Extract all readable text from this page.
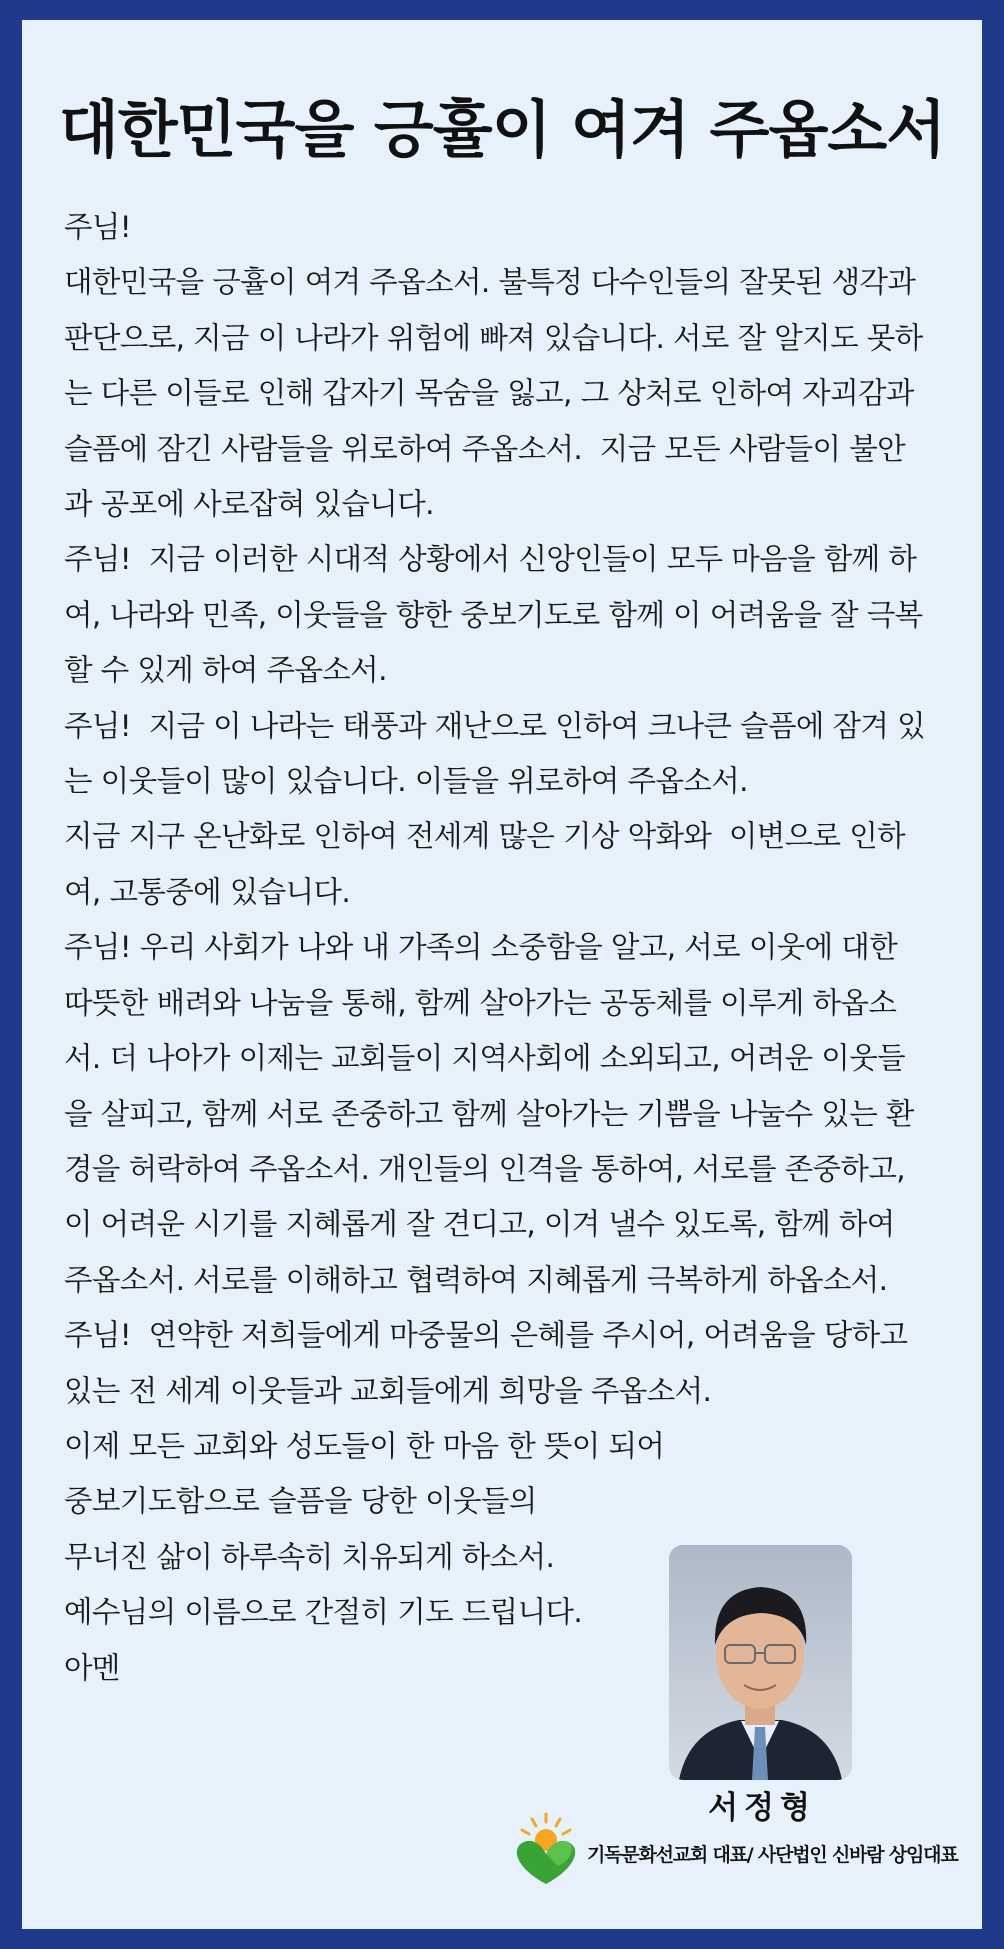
대한민국을 긍휼이 여겨 주옵소서
주님!
대한민국을 긍휼이 여겨 주옵소서. 불특정 다수인들의 잘못된 생각과
판단으로, 지금 이 나라가 위험에 빠져 있습니다. 서로 잘 알지도 못하
는 다른 이들로 인해 갑자기 목숨을 잃고, 그 상처로 인하여 자괴감과
슬픔에 잠긴 사람들을 위로하여 주옵소서.  지금 모든 사람들이 불안
과 공포에 사로잡혀 있습니다.
주님!  지금 이러한 시대적 상황에서 신앙인들이 모두 마음을 함께 하
여, 나라와 민족, 이웃들을 향한 중보기도로 함께 이 어려움을 잘 극복
할 수 있게 하여 주옵소서.
주님!  지금 이 나라는 태풍과 재난으로 인하여 크나큰 슬픔에 잠겨 있
는 이웃들이 많이 있습니다. 이들을 위로하여 주옵소서.
지금 지구 온난화로 인하여 전세계 많은 기상 악화와  이변으로 인하
여, 고통중에 있습니다.
주님! 우리 사회가 나와 내 가족의 소중함을 알고, 서로 이웃에 대한
따뜻한 배려와 나눔을 통해, 함께 살아가는 공동체를 이루게 하옵소
서. 더 나아가 이제는 교회들이 지역사회에 소외되고, 어려운 이웃들
을 살피고, 함께 서로 존중하고 함께 살아가는 기쁨을 나눌수 있는 환
경을 허락하여 주옵소서. 개인들의 인격을 통하여, 서로를 존중하고,
이 어려운 시기를 지혜롭게 잘 견디고, 이겨 낼수 있도록, 함께 하여
주옵소서. 서로를 이해하고 협력하여 지혜롭게 극복하게 하옵소서.
주님!  연약한 저희들에게 마중물의 은혜를 주시어, 어려움을 당하고
있는 전 세계 이웃들과 교회들에게 희망을 주옵소서.
이제 모든 교회와 성도들이 한 마음 한 뜻이 되어
중보기도함으로 슬픔을 당한 이웃들의
무너진 삶이 하루속히 치유되게 하소서.
예수님의 이름으로 간절히 기도 드립니다.
아멘
서정형
기독문화선교회 대표/ 사단법인 신바람 상임대표
